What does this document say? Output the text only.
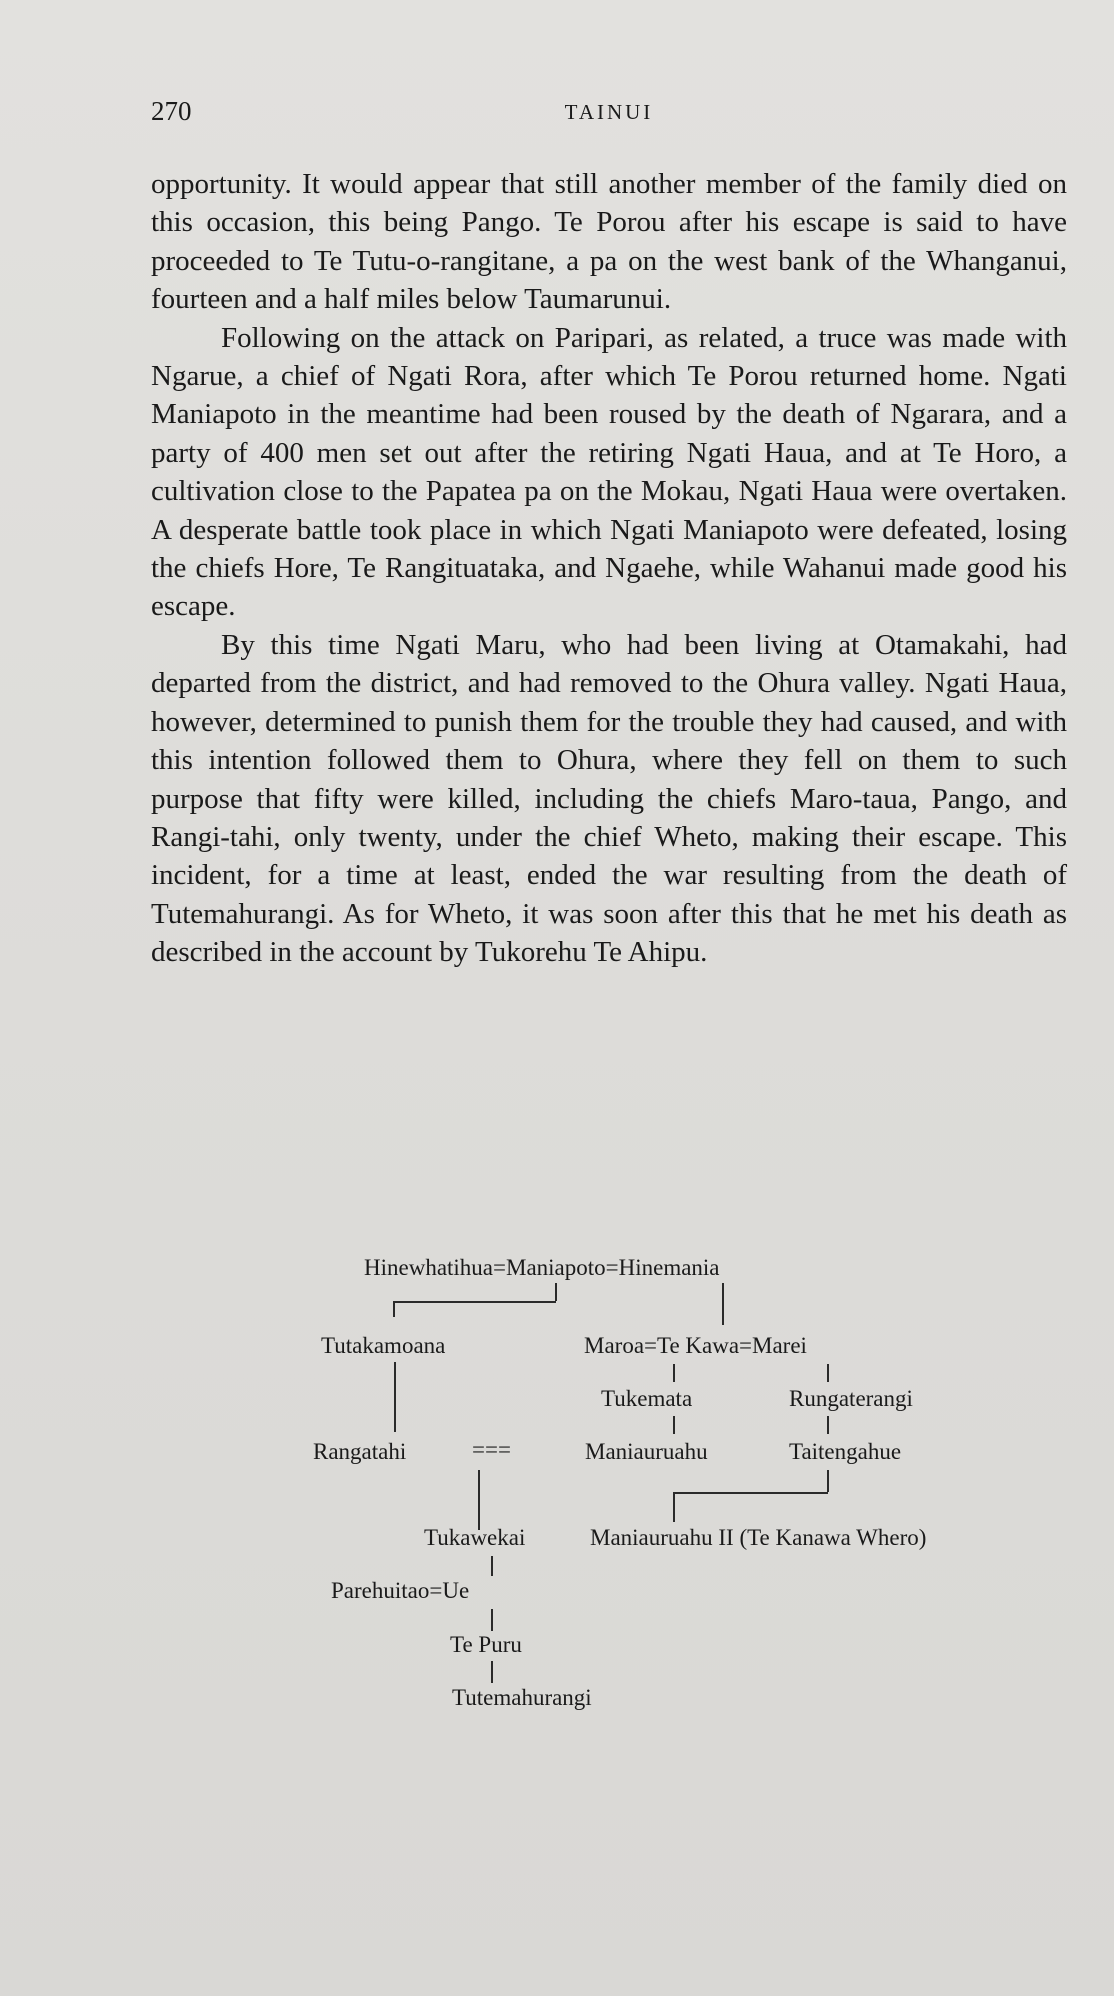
270	TAINUI

opportunity. It would appear that still another member of the family died on this occasion, this being Pango. Te Porou after his escape is said to have proceeded to Te Tutu-o-rangitane, a pa on the west bank of the Whanganui, fourteen and a half miles below Taumarunui.

Following on the attack on Paripari, as related, a truce was made with Ngarue, a chief of Ngati Rora, after which Te Porou returned home. Ngati Maniapoto in the meantime had been roused by the death of Ngarara, and a party of 400 men set out after the retiring Ngati Haua, and at Te Horo, a cultivation close to the Papatea pa on the Mokau, Ngati Haua were overtaken. A desperate battle took place in which Ngati Maniapoto were defeated, losing the chiefs Hore, Te Rangituataka, and Ngaehe, while Wahanui made good his escape.

By this time Ngati Maru, who had been living at Otamakahi, had departed from the district, and had removed to the Ohura valley. Ngati Haua, however, determined to punish them for the trouble they had caused, and with this intention followed them to Ohura, where they fell on them to such purpose that fifty were killed, including the chiefs Maro-taua, Pango, and Rangi-tahi, only twenty, under the chief Wheto, making their escape. This incident, for a time at least, ended the war resulting from the death of Tutemahurangi. As for Wheto, it was soon after this that he met his death as described in the account by Tukorehu Te Ahipu.

Hinewhatihua=Maniapoto=Hinemania
Tutakamoana	Maroa=Te Kawa=Marei
Tukemata	Rungaterangi
Rangatahi	===	Maniauruahu	Taitengahue
Tukawekai	Maniauruahu II (Te Kanawa Whero)
Parehuitao=Ue
Te Puru
Tutemahurangi
